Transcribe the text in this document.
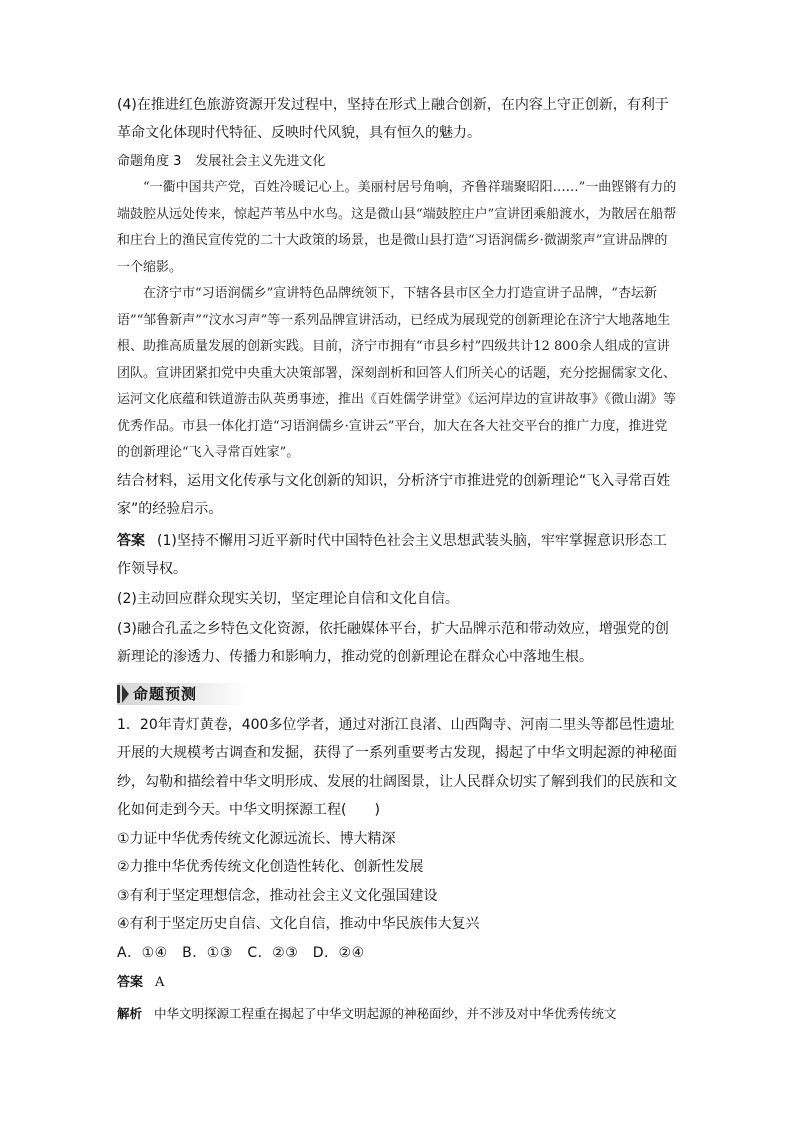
(4)在推进红色旅游资源开发过程中，坚持在形式上融合创新，在内容上守正创新，有利于革命文化体现时代特征、反映时代风貌，具有恒久的魅力。

命题角度 3 发展社会主义先进文化

“一衢中国共产党，百姓冷暖记心上。美丽村居号角响，齐鲁祥瑞聚昭阳……”一曲铿锵有力的端鼓腔从远处传来，惊起芦苇丛中水鸟。这是微山县“端鼓腔庄户”宣讲团乘船渡水，为散居在船帮和庄台上的渔民宣传党的二十大政策的场景，也是微山县打造“习语润儒乡·微湖浆声”宣讲品牌的一个缩影。

在济宁市“习语润儒乡”宣讲特色品牌统领下，下辖各县市区全力打造宣讲子品牌，“杏坛新语”“邹鲁新声”“汶水习声”等一系列品牌宣讲活动，已经成为展现党的创新理论在济宁大地落地生根、助推高质量发展的创新实践。目前，济宁市拥有“市县乡村”四级共计12 800余人组成的宣讲团队。宣讲团紧扣党中央重大决策部署，深刻剖析和回答人们所关心的话题，充分挖掘儒家文化、运河文化底蕴和铁道游击队英勇事迹，推出《百姓儒学讲堂》《运河岸边的宣讲故事》《微山湖》等优秀作品。市县一体化打造“习语润儒乡·宣讲云”平台，加大在各大社交平台的推广力度，推进党的创新理论“飞入寻常百姓家”。

结合材料，运用文化传承与文化创新的知识，分析济宁市推进党的创新理论“飞入寻常百姓家”的经验启示。

答案 (1)坚持不懈用习近平新时代中国特色社会主义思想武装头脑，牢牢掌握意识形态工作领导权。

(2)主动回应群众现实关切，坚定理论自信和文化自信。

(3)融合孔孟之乡特色文化资源，依托融媒体平台，扩大品牌示范和带动效应，增强党的创新理论的渗透力、传播力和影响力，推动党的创新理论在群众心中落地生根。

命题预测

1．20年青灯黄卷，400多位学者，通过对浙江良渚、山西陶寺、河南二里头等都邑性遗址开展的大规模考古调查和发掘，获得了一系列重要考古发现，揭起了中华文明起源的神秘面纱，勾勒和描绘着中华文明形成、发展的壮阔图景，让人民群众切实了解到我们的民族和文化如何走到今天。中华文明探源工程(　　)

①力证中华优秀传统文化源远流长、博大精深

②力推中华优秀传统文化创造性转化、创新性发展

③有利于坚定理想信念，推动社会主义文化强国建设

④有利于坚定历史自信、文化自信，推动中华民族伟大复兴

A．①④　B．①③　C．②③　D．②④

答案 A

解析 中华文明探源工程重在揭起了中华文明起源的神秘面纱，并不涉及对中华优秀传统文
